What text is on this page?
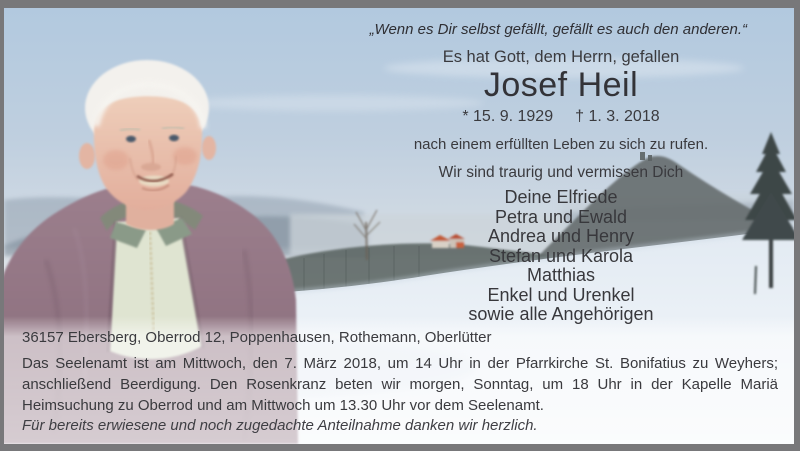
„Wenn es Dir selbst gefällt, gefällt es auch den anderen.“
Es hat Gott, dem Herrn, gefallen
Josef Heil
* 15. 9. 1929 † 1. 3. 2018
nach einem erfüllten Leben zu sich zu rufen.
Wir sind traurig und vermissen Dich
Deine Elfriede
Petra und Ewald
Andrea und Henry
Stefan und Karola
Matthias
Enkel und Urenkel
sowie alle Angehörigen
36157 Ebersberg, Oberrod 12, Poppenhausen, Rothemann, Oberlütter
Das Seelenamt ist am Mittwoch, den 7. März 2018, um 14 Uhr in der Pfarrkirche St. Bonifatius zu Weyhers; anschließend Beerdigung. Den Rosenkranz beten wir morgen, Sonntag, um 18 Uhr in der Kapelle Mariä Heimsuchung zu Oberrod und am Mittwoch um 13.30 Uhr vor dem Seelenamt.
Für bereits erwiesene und noch zugedachte Anteilnahme danken wir herzlich.
